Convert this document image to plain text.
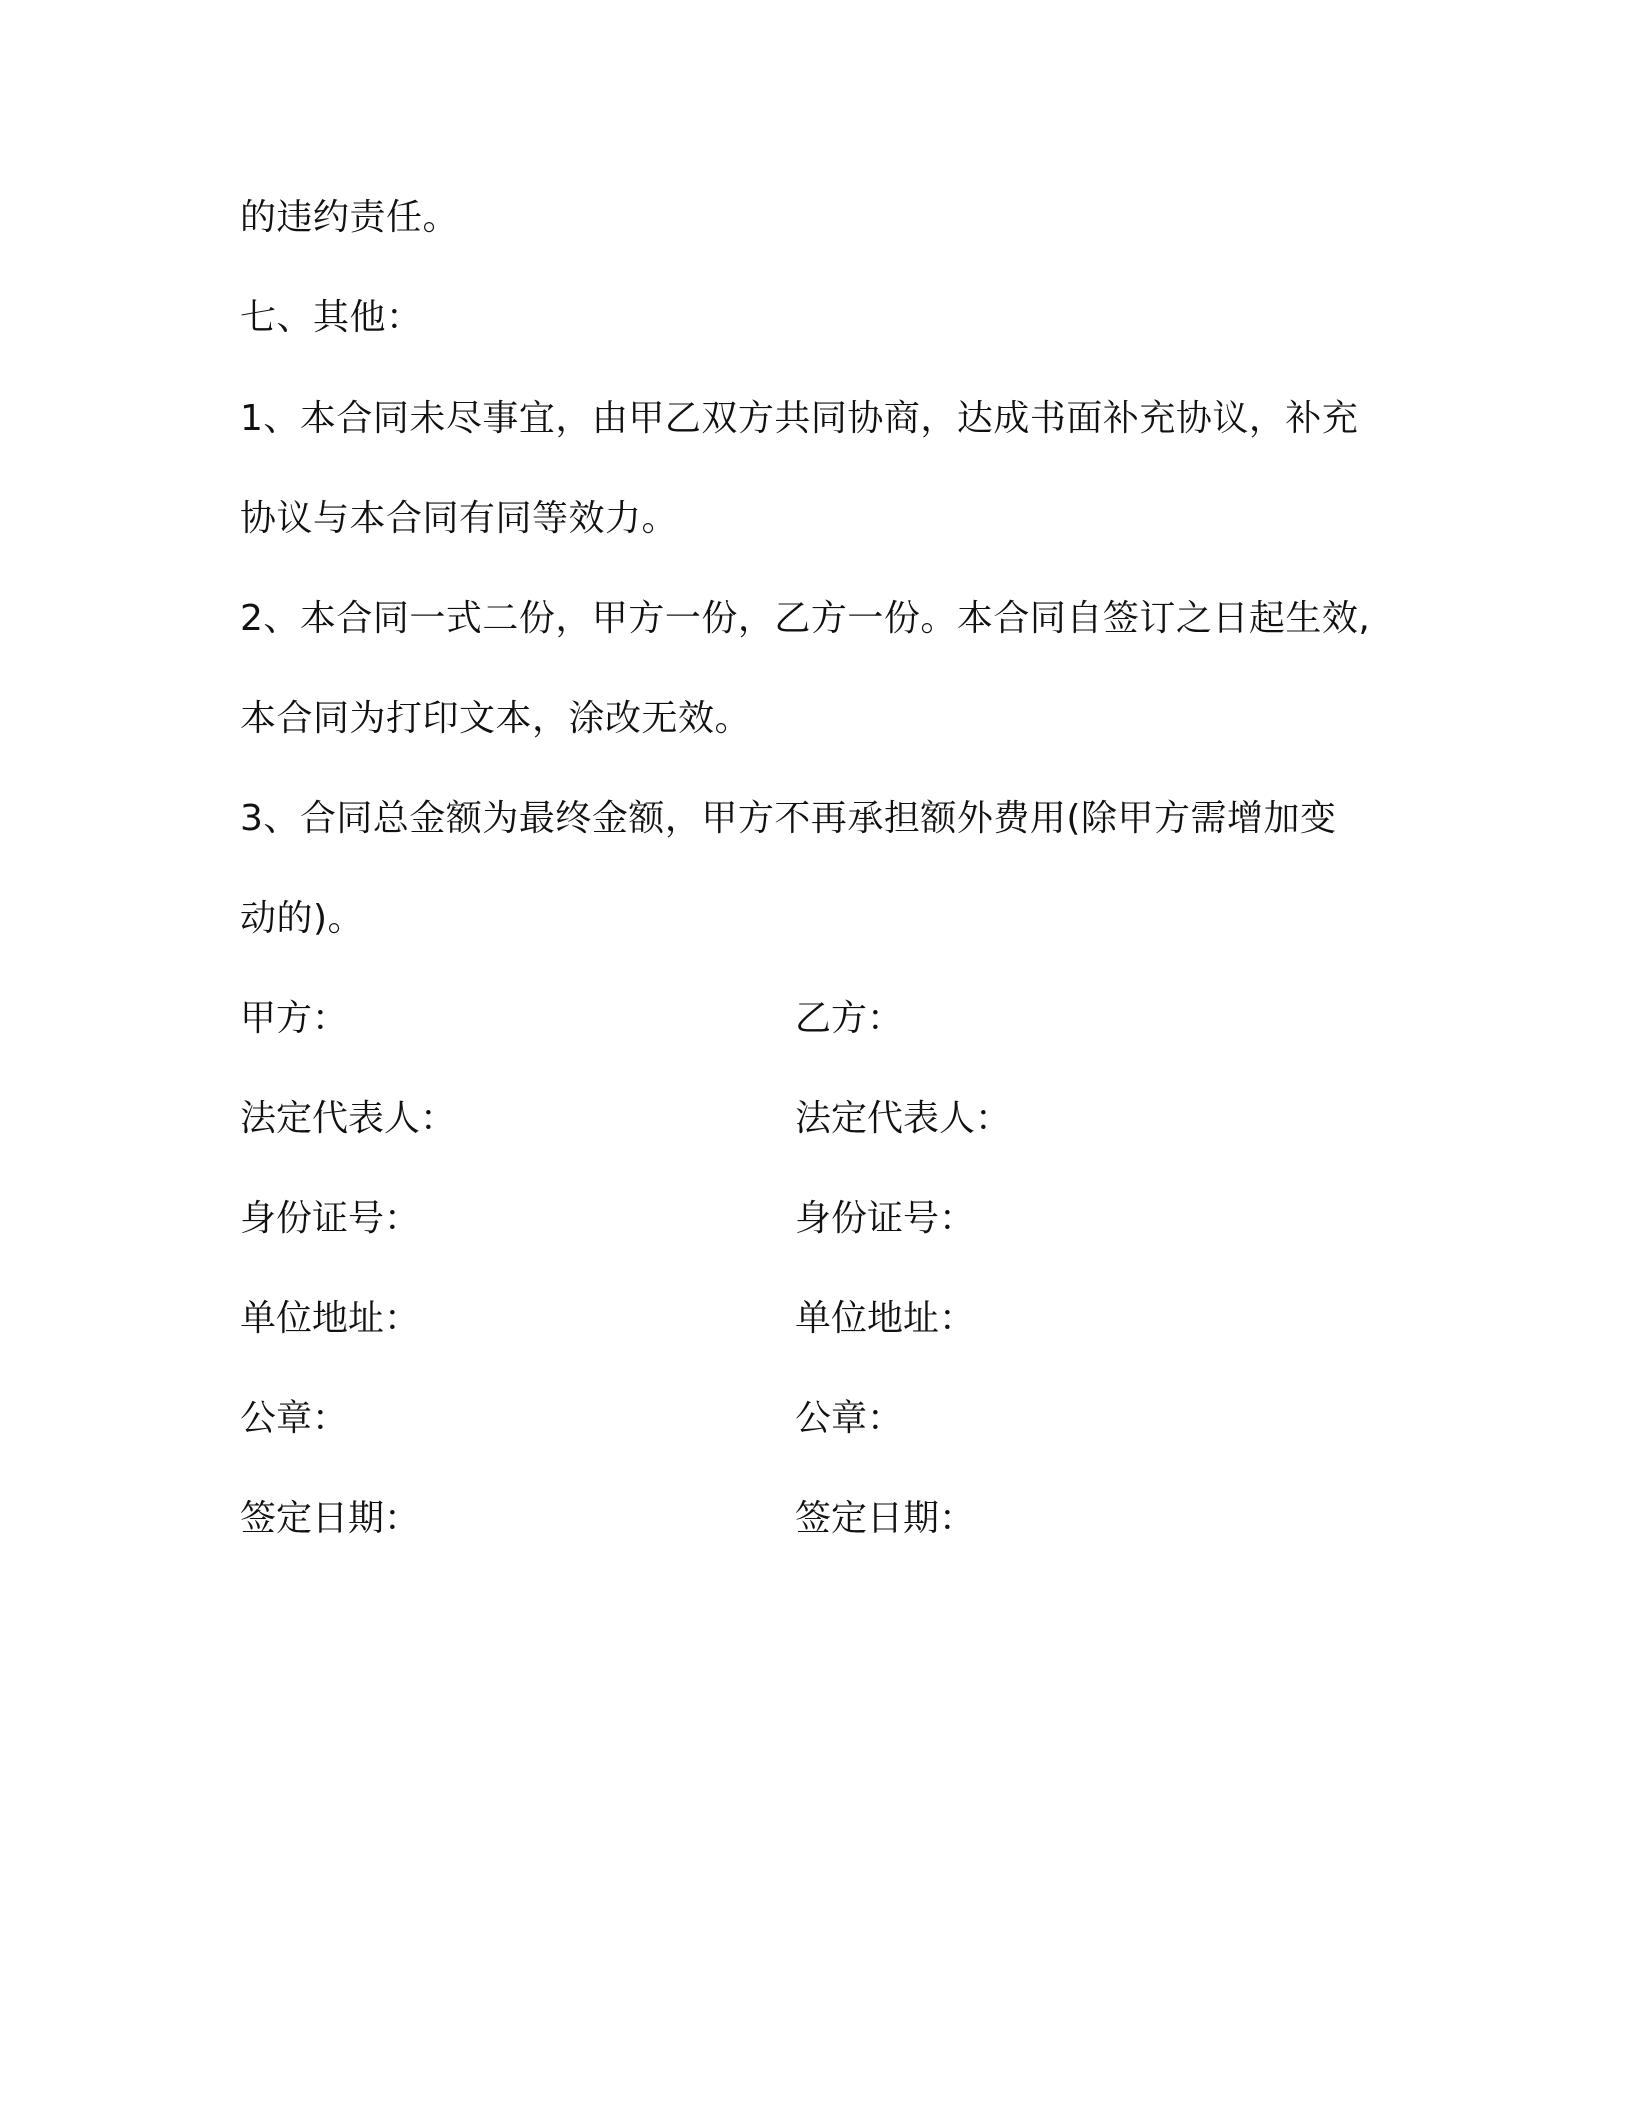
的违约责任。
七、其他：
1、本合同未尽事宜，由甲乙双方共同协商，达成书面补充协议，补充
协议与本合同有同等效力。
2、本合同一式二份，甲方一份，乙方一份。本合同自签订之日起生效,
本合同为打印文本，涂改无效。
3、合同总金额为最终金额，甲方不再承担额外费用(除甲方需增加变
动的)。
甲方：	乙方：
法定代表人：	法定代表人：
身份证号：	身份证号：
单位地址：	单位地址：
公章：	公章：
签定日期：	签定日期：
